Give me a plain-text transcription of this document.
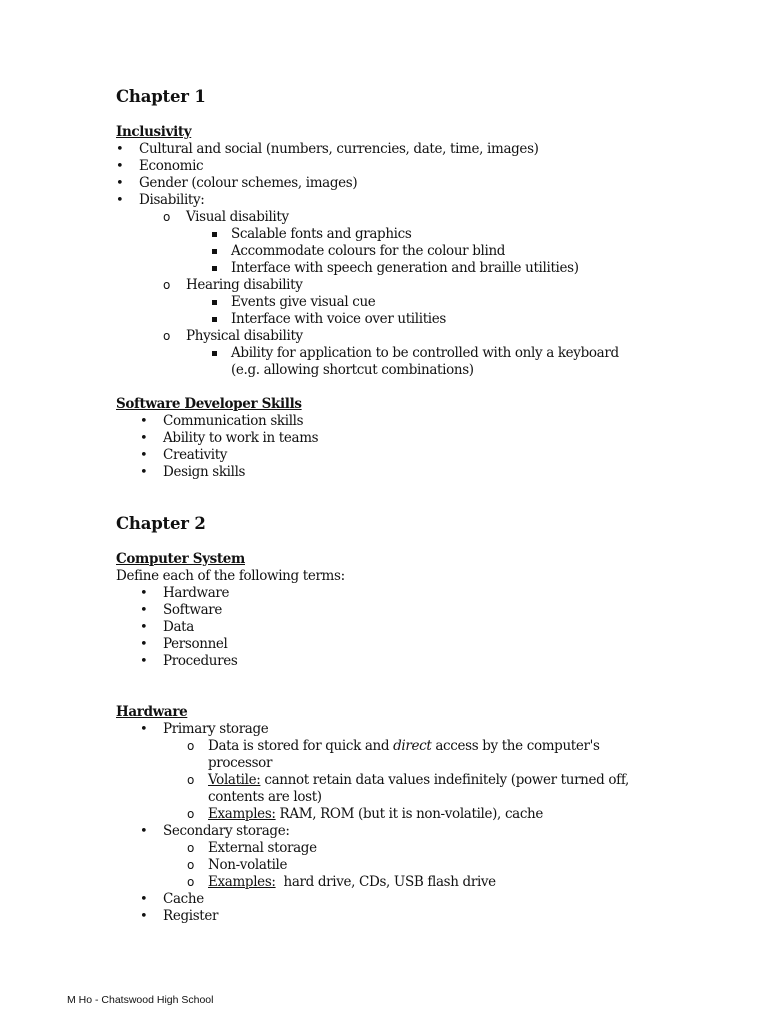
Chapter 1
Inclusivity
• Cultural and social (numbers, currencies, date, time, images)
• Economic
• Gender (colour schemes, images)
• Disability:
o Visual disability
Scalable fonts and graphics
Accommodate colours for the colour blind
Interface with speech generation and braille utilities)
o Hearing disability
Events give visual cue
Interface with voice over utilities
o Physical disability
Ability for application to be controlled with only a keyboard
(e.g. allowing shortcut combinations)
Software Developer Skills
• Communication skills
• Ability to work in teams
• Creativity
• Design skills
Chapter 2
Computer System
Define each of the following terms:
• Hardware
• Software
• Data
• Personnel
• Procedures
Hardware
• Primary storage
o Data is stored for quick and direct access by the computer's
processor
o Volatile: cannot retain data values indefinitely (power turned off,
contents are lost)
o Examples: RAM, ROM (but it is non-volatile), cache
• Secondary storage:
o External storage
o Non-volatile
o Examples:  hard drive, CDs, USB flash drive
• Cache
• Register
M Ho - Chatswood High School
